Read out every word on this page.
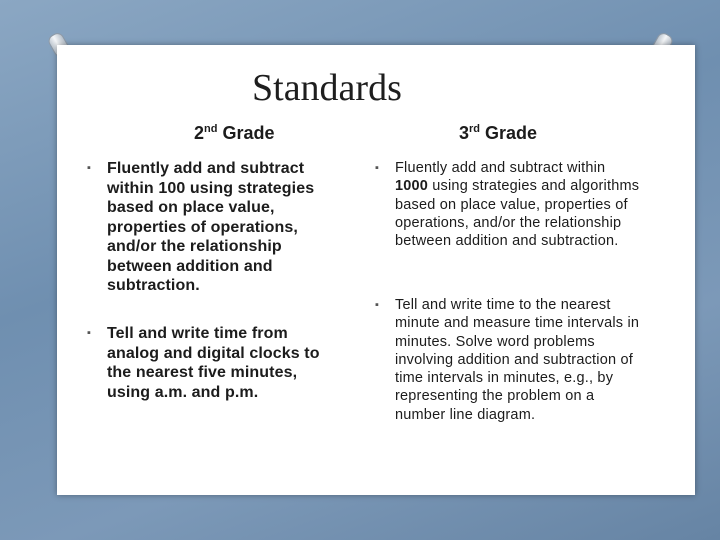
Standards
2nd Grade	3rd Grade
▪ Fluently add and subtract within 100 using strategies based on place value, properties of operations, and/or the relationship between addition and subtraction.
▪ Tell and write time from analog and digital clocks to the nearest five minutes, using a.m. and p.m.
▪ Fluently add and subtract within 1000 using strategies and algorithms based on place value, properties of operations, and/or the relationship between addition and subtraction.
▪ Tell and write time to the nearest minute and measure time intervals in minutes. Solve word problems involving addition and subtraction of time intervals in minutes, e.g., by representing the problem on a number line diagram.
